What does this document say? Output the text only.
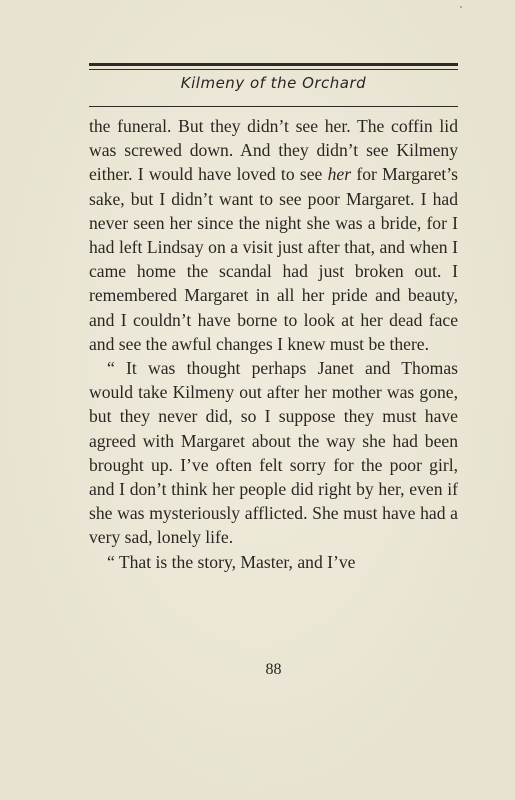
Kilmeny of the Orchard

the funeral. But they didn’t see her. The coffin lid was screwed down. And they didn’t see Kilmeny either. I would have loved to see her for Margaret’s sake, but I didn’t want to see poor Margaret. I had never seen her since the night she was a bride, for I had left Lindsay on a visit just after that, and when I came home the scandal had just broken out. I remembered Margaret in all her pride and beauty, and I couldn’t have borne to look at her dead face and see the awful changes I knew must be there.

“ It was thought perhaps Janet and Thomas would take Kilmeny out after her mother was gone, but they never did, so I suppose they must have agreed with Margaret about the way she had been brought up. I’ve often felt sorry for the poor girl, and I don’t think her people did right by her, even if she was mysteriously afflicted. She must have had a very sad, lonely life.

“ That is the story, Master, and I’ve

88
